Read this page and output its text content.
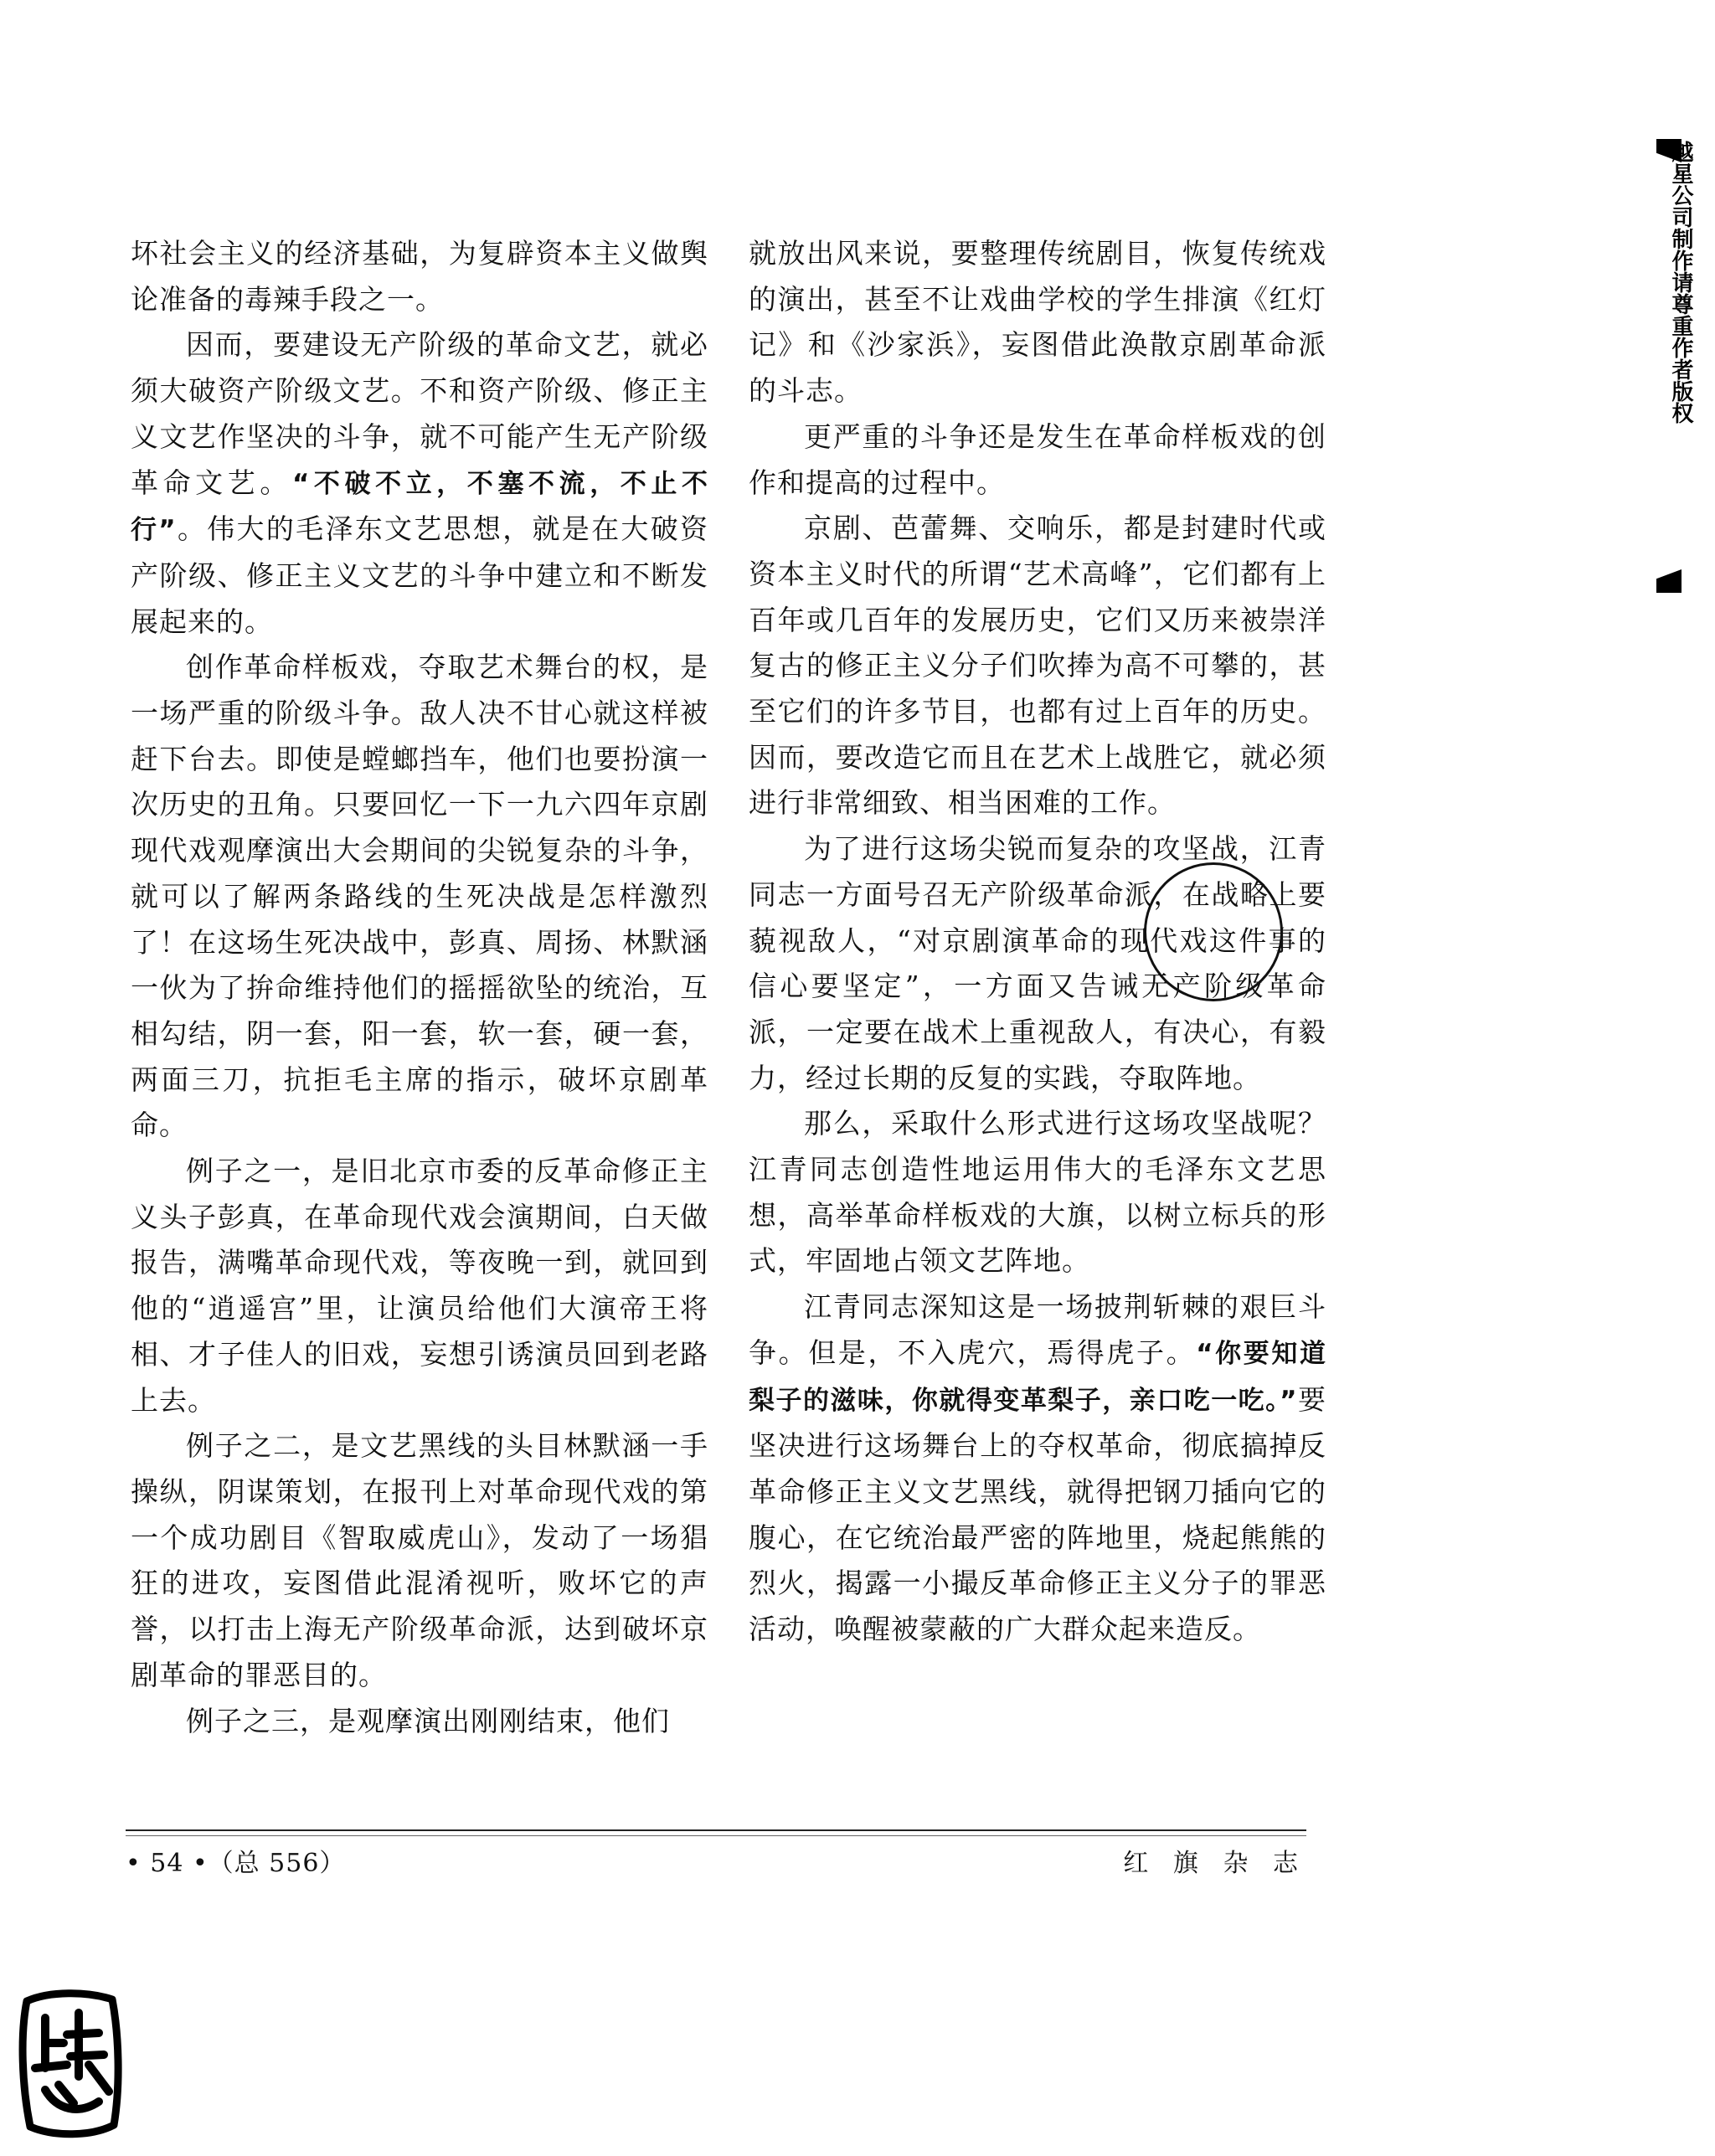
坏社会主义的经济基础，为复辟资本主义做舆论准备的毒辣手段之一。

因而，要建设无产阶级的革命文艺，就必须大破资产阶级文艺。不和资产阶级、修正主义文艺作坚决的斗争，就不可能产生无产阶级革命文艺。“不破不立，不塞不流，不止不行”。伟大的毛泽东文艺思想，就是在大破资产阶级、修正主义文艺的斗争中建立和不断发展起来的。

创作革命样板戏，夺取艺术舞台的权，是一场严重的阶级斗争。敌人决不甘心就这样被赶下台去。即使是螳螂挡车，他们也要扮演一次历史的丑角。只要回忆一下一九六四年京剧现代戏观摩演出大会期间的尖锐复杂的斗争，就可以了解两条路线的生死决战是怎样激烈了！在这场生死决战中，彭真、周扬、林默涵一伙为了拚命维持他们的摇摇欲坠的统治，互相勾结，阴一套，阳一套，软一套，硬一套，两面三刀，抗拒毛主席的指示，破坏京剧革命。

例子之一，是旧北京市委的反革命修正主义头子彭真，在革命现代戏会演期间，白天做报告，满嘴革命现代戏，等夜晚一到，就回到他的“逍遥宫”里，让演员给他们大演帝王将相、才子佳人的旧戏，妄想引诱演员回到老路上去。

例子之二，是文艺黑线的头目林默涵一手操纵，阴谋策划，在报刊上对革命现代戏的第一个成功剧目《智取威虎山》，发动了一场猖狂的进攻，妄图借此混淆视听，败坏它的声誉，以打击上海无产阶级革命派，达到破坏京剧革命的罪恶目的。

例子之三，是观摩演出刚刚结束，他们

就放出风来说，要整理传统剧目，恢复传统戏的演出，甚至不让戏曲学校的学生排演《红灯记》和《沙家浜》，妄图借此涣散京剧革命派的斗志。

更严重的斗争还是发生在革命样板戏的创作和提高的过程中。

京剧、芭蕾舞、交响乐，都是封建时代或资本主义时代的所谓“艺术高峰”，它们都有上百年或几百年的发展历史，它们又历来被崇洋复古的修正主义分子们吹捧为高不可攀的，甚至它们的许多节目，也都有过上百年的历史。因而，要改造它而且在艺术上战胜它，就必须进行非常细致、相当困难的工作。

为了进行这场尖锐而复杂的攻坚战，江青同志一方面号召无产阶级革命派，在战略上要藐视敌人，“对京剧演革命的现代戏这件事的信心要坚定”，一方面又告诫无产阶级革命派，一定要在战术上重视敌人，有决心，有毅力，经过长期的反复的实践，夺取阵地。

那么，采取什么形式进行这场攻坚战呢？江青同志创造性地运用伟大的毛泽东文艺思想，高举革命样板戏的大旗，以树立标兵的形式，牢固地占领文艺阵地。

江青同志深知这是一场披荆斩棘的艰巨斗争。但是，不入虎穴，焉得虎子。“你要知道梨子的滋味，你就得变革梨子，亲口吃一吃。”要坚决进行这场舞台上的夺权革命，彻底搞掉反革命修正主义文艺黑线，就得把钢刀插向它的腹心，在它统治最严密的阵地里，烧起熊熊的烈火，揭露一小撮反革命修正主义分子的罪恶活动，唤醒被蒙蔽的广大群众起来造反。

• 54 •（总 556）	红 旗 杂 志
越星公司制作请尊重作者版权
